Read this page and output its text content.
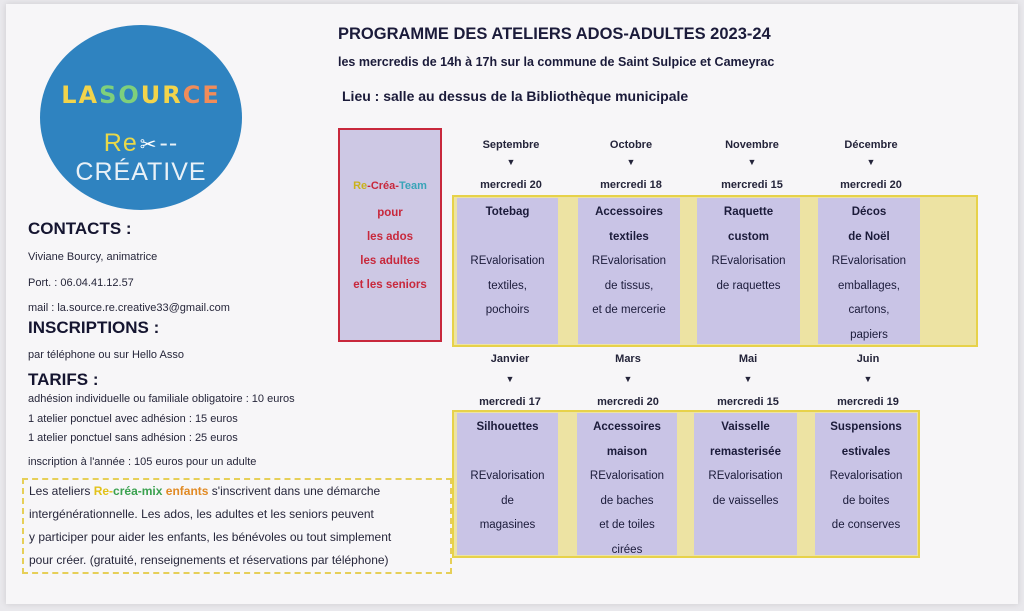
LASOURCE
Re ✂--CRÉATIVE
CONTACTS :
Viviane Bourcy, animatrice
Port. : 06.04.41.12.57
mail : la.source.re.creative33@gmail.com
INSCRIPTIONS :
par téléphone ou sur Hello Asso
TARIFS :
adhésion individuelle ou familiale obligatoire : 10 euros
1 atelier ponctuel avec adhésion : 15 euros
1 atelier ponctuel sans adhésion : 25 euros
inscription à l'année : 105 euros pour un adulte
Les ateliers Re-créa-mix enfants s'inscrivent dans une démarche
intergénérationnelle. Les ados, les adultes et les seniors peuvent
y participer pour aider les enfants, les bénévoles ou tout simplement
pour créer. (gratuité, renseignements et réservations par téléphone)
PROGRAMME DES ATELIERS ADOS-ADULTES 2023-24
les mercredis de 14h à 17h sur la commune de Saint Sulpice et Cameyrac
Lieu : salle au dessus de la Bibliothèque municipale
Re-Créa-Team
pour
les ados
les adultes
et les seniors
Septembre
▼
mercredi 20
Totebag
REvalorisation
textiles,
pochoirs
Octobre
▼
mercredi 18
Accessoires
textiles
REvalorisation
de tissus,
et de mercerie
Novembre
▼
mercredi 15
Raquette
custom
REvalorisation
de raquettes
Décembre
▼
mercredi 20
Décos
de Noël
REvalorisation
emballages,
cartons,
papiers
Janvier
▼
mercredi 17
Silhouettes
REvalorisation
de
magasines
Mars
▼
mercredi 20
Accessoires
maison
REvalorisation
de baches
et de toiles
cirées
Mai
▼
mercredi 15
Vaisselle
remasterisée
REvalorisation
de vaisselles
Juin
▼
mercredi 19
Suspensions
estivales
Revalorisation
de boites
de conserves
